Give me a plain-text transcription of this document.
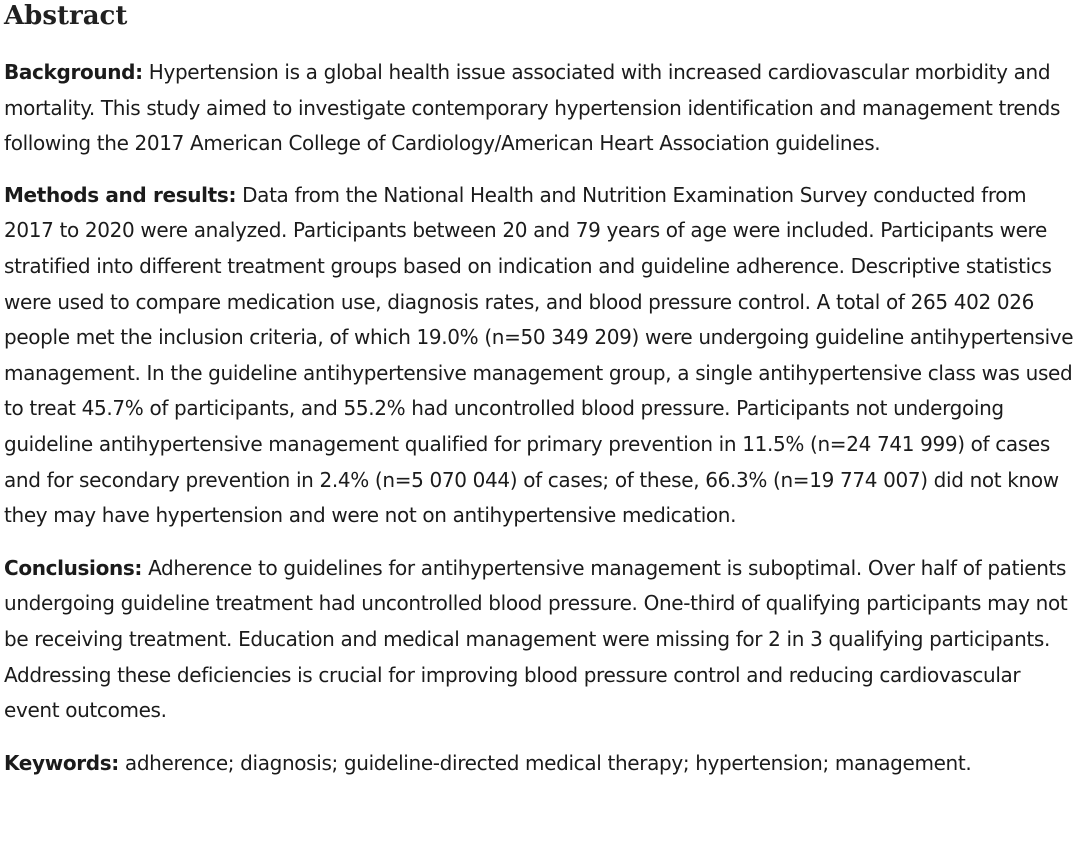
Abstract

Background: Hypertension is a global health issue associated with increased cardiovascular morbidity and mortality. This study aimed to investigate contemporary hypertension identification and management trends following the 2017 American College of Cardiology/American Heart Association guidelines.

Methods and results: Data from the National Health and Nutrition Examination Survey conducted from 2017 to 2020 were analyzed. Participants between 20 and 79 years of age were included. Participants were stratified into different treatment groups based on indication and guideline adherence. Descriptive statistics were used to compare medication use, diagnosis rates, and blood pressure control. A total of 265 402 026 people met the inclusion criteria, of which 19.0% (n=50 349 209) were undergoing guideline antihypertensive management. In the guideline antihypertensive management group, a single antihypertensive class was used to treat 45.7% of participants, and 55.2% had uncontrolled blood pressure. Participants not undergoing guideline antihypertensive management qualified for primary prevention in 11.5% (n=24 741 999) of cases and for secondary prevention in 2.4% (n=5 070 044) of cases; of these, 66.3% (n=19 774 007) did not know they may have hypertension and were not on antihypertensive medication.

Conclusions: Adherence to guidelines for antihypertensive management is suboptimal. Over half of patients undergoing guideline treatment had uncontrolled blood pressure. One-third of qualifying participants may not be receiving treatment. Education and medical management were missing for 2 in 3 qualifying participants. Addressing these deficiencies is crucial for improving blood pressure control and reducing cardiovascular event outcomes.

Keywords: adherence; diagnosis; guideline-directed medical therapy; hypertension; management.
